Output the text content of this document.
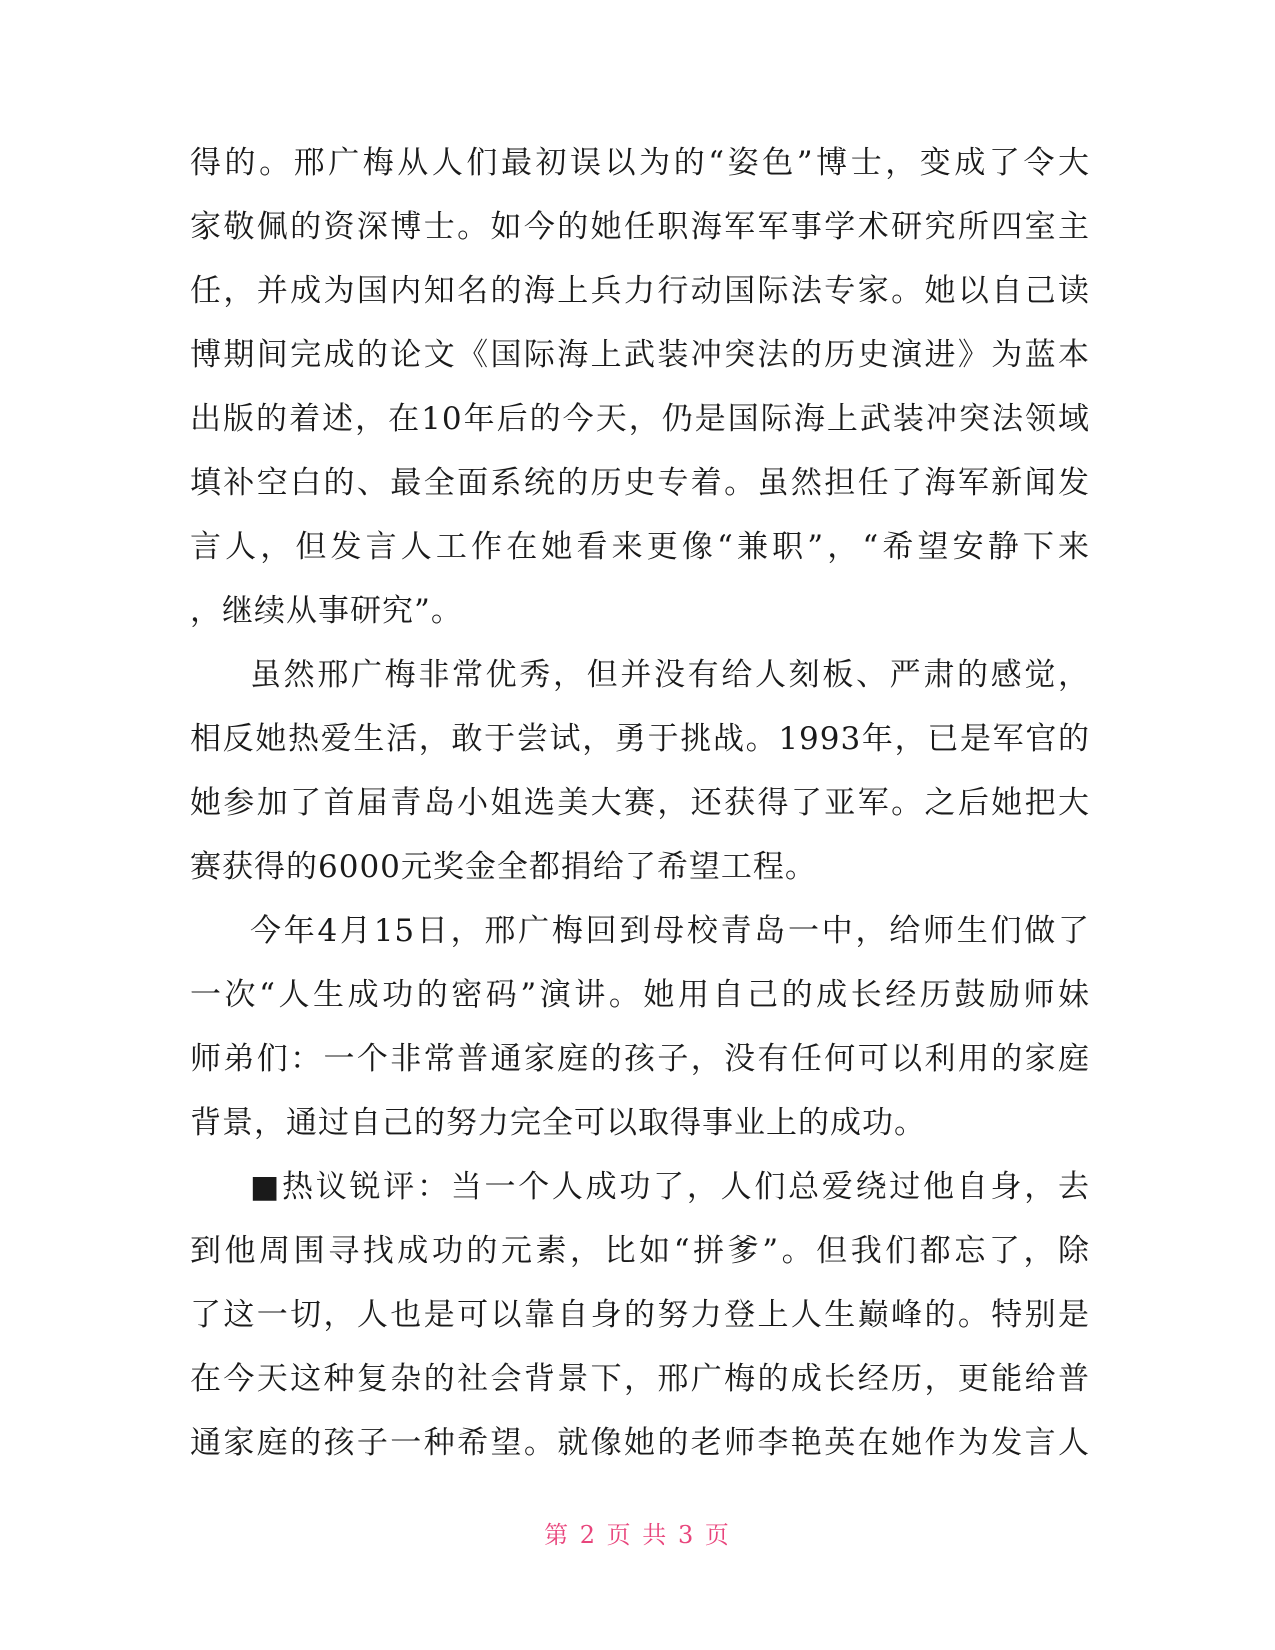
得的。邢广梅从人们最初误以为的“姿色”博士，变成了令大
家敬佩的资深博士。如今的她任职海军军事学术研究所四室主
任，并成为国内知名的海上兵力行动国际法专家。她以自己读
博期间完成的论文《国际海上武装冲突法的历史演进》为蓝本
出版的着述，在10年后的今天，仍是国际海上武装冲突法领域
填补空白的、最全面系统的历史专着。虽然担任了海军新闻发
言人，但发言人工作在她看来更像“兼职”，“希望安静下来
，继续从事研究”。
虽然邢广梅非常优秀，但并没有给人刻板、严肃的感觉，
相反她热爱生活，敢于尝试，勇于挑战。1993年，已是军官的
她参加了首届青岛小姐选美大赛，还获得了亚军。之后她把大
赛获得的6000元奖金全都捐给了希望工程。
今年4月15日，邢广梅回到母校青岛一中，给师生们做了
一次“人生成功的密码”演讲。她用自己的成长经历鼓励师妹
师弟们：一个非常普通家庭的孩子，没有任何可以利用的家庭
背景，通过自己的努力完全可以取得事业上的成功。
■热议锐评：当一个人成功了，人们总爱绕过他自身，去
到他周围寻找成功的元素，比如“拼爹”。但我们都忘了，除
了这一切，人也是可以靠自身的努力登上人生巅峰的。特别是
在今天这种复杂的社会背景下，邢广梅的成长经历，更能给普
通家庭的孩子一种希望。就像她的老师李艳英在她作为发言人
第 2 页 共 3 页
